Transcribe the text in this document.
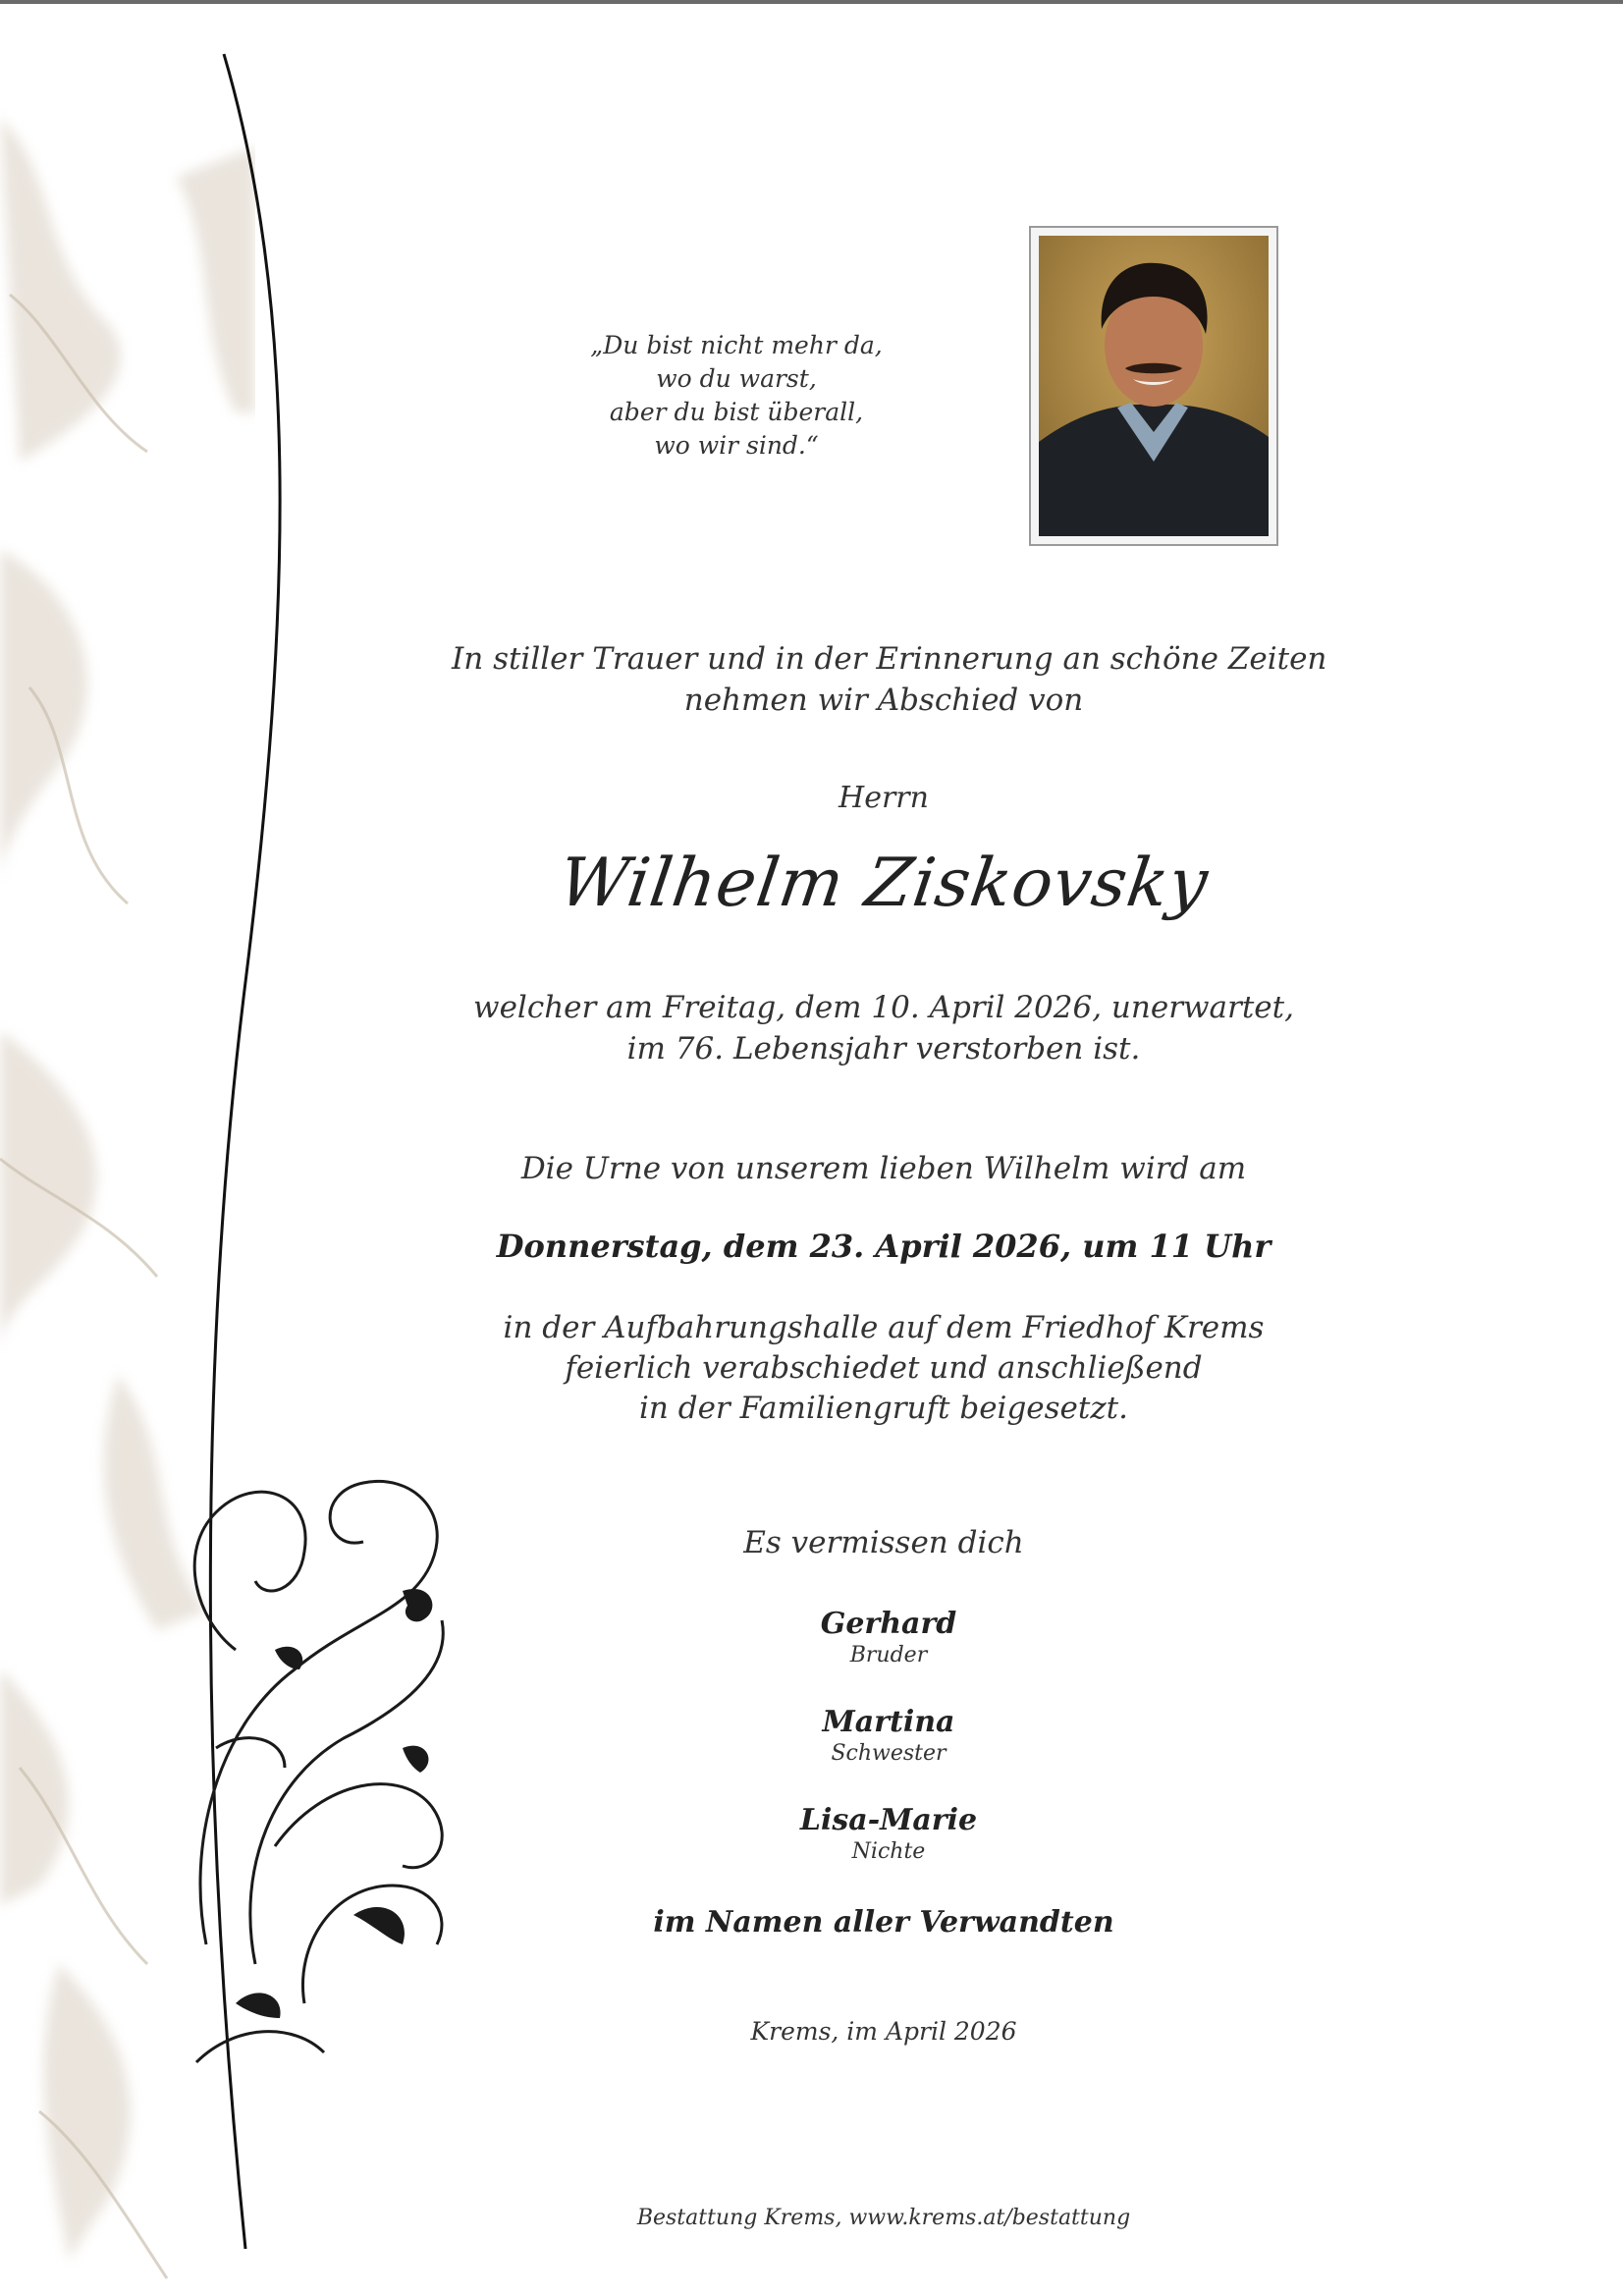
„Du bist nicht mehr da,
wo du warst,
aber du bist überall,
wo wir sind.“
In stiller Trauer und in der Erinnerung an schöne Zeiten
nehmen wir Abschied von
Herrn
Wilhelm Ziskovsky
welcher am Freitag, dem 10. April 2026, unerwartet,
im 76. Lebensjahr verstorben ist.
Die Urne von unserem lieben Wilhelm wird am
Donnerstag, dem 23. April 2026, um 11 Uhr
in der Aufbahrungshalle auf dem Friedhof Krems
feierlich verabschiedet und anschließend
in der Familiengruft beigesetzt.
Es vermissen dich
Gerhard
Bruder
Martina
Schwester
Lisa-Marie
Nichte
im Namen aller Verwandten
Krems, im April 2026
Bestattung Krems, www.krems.at/bestattung
